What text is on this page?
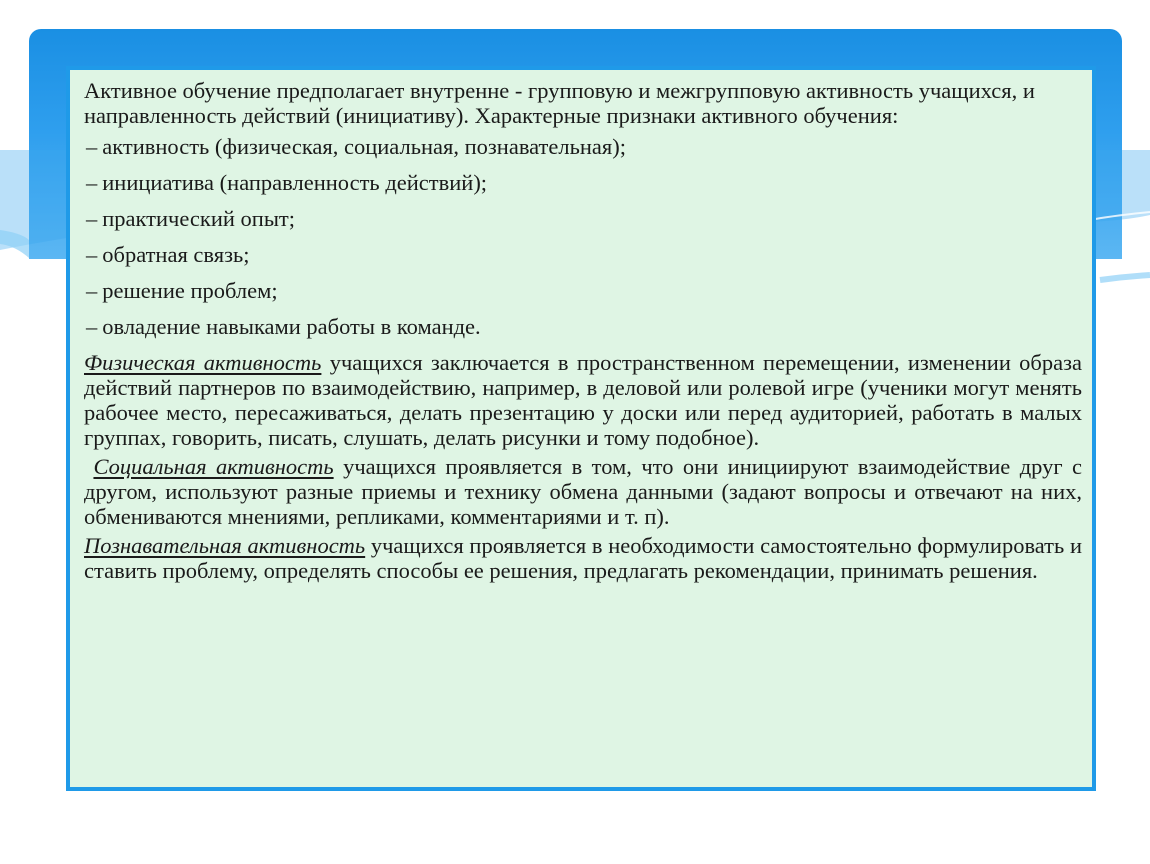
Активное обучение предполагает внутренне - групповую и межгрупповую активность учащихся, и направленность действий (инициативу). Характерные признаки активного обучения:

– активность (физическая, социальная, познавательная);
– инициатива (направленность действий);
– практический опыт;
– обратная связь;
– решение проблем;
– овладение навыками работы в команде.

Физическая активность учащихся заключается в пространственном перемещении, изменении образа действий партнеров по взаимодействию, например, в деловой или ролевой игре (ученики могут менять рабочее место, пересаживаться, делать презентацию у доски или перед аудиторией, работать в малых группах, говорить, писать, слушать, делать рисунки и тому подобное).

Социальная активность учащихся проявляется в том, что они инициируют взаимодействие друг с другом, используют разные приемы и технику обмена данными (задают вопросы и отвечают на них, обмениваются мнениями, репликами, комментариями и т. п).

Познавательная активность учащихся проявляется в необходимости самостоятельно формулировать и ставить проблему, определять способы ее решения, предлагать рекомендации, принимать решения.
